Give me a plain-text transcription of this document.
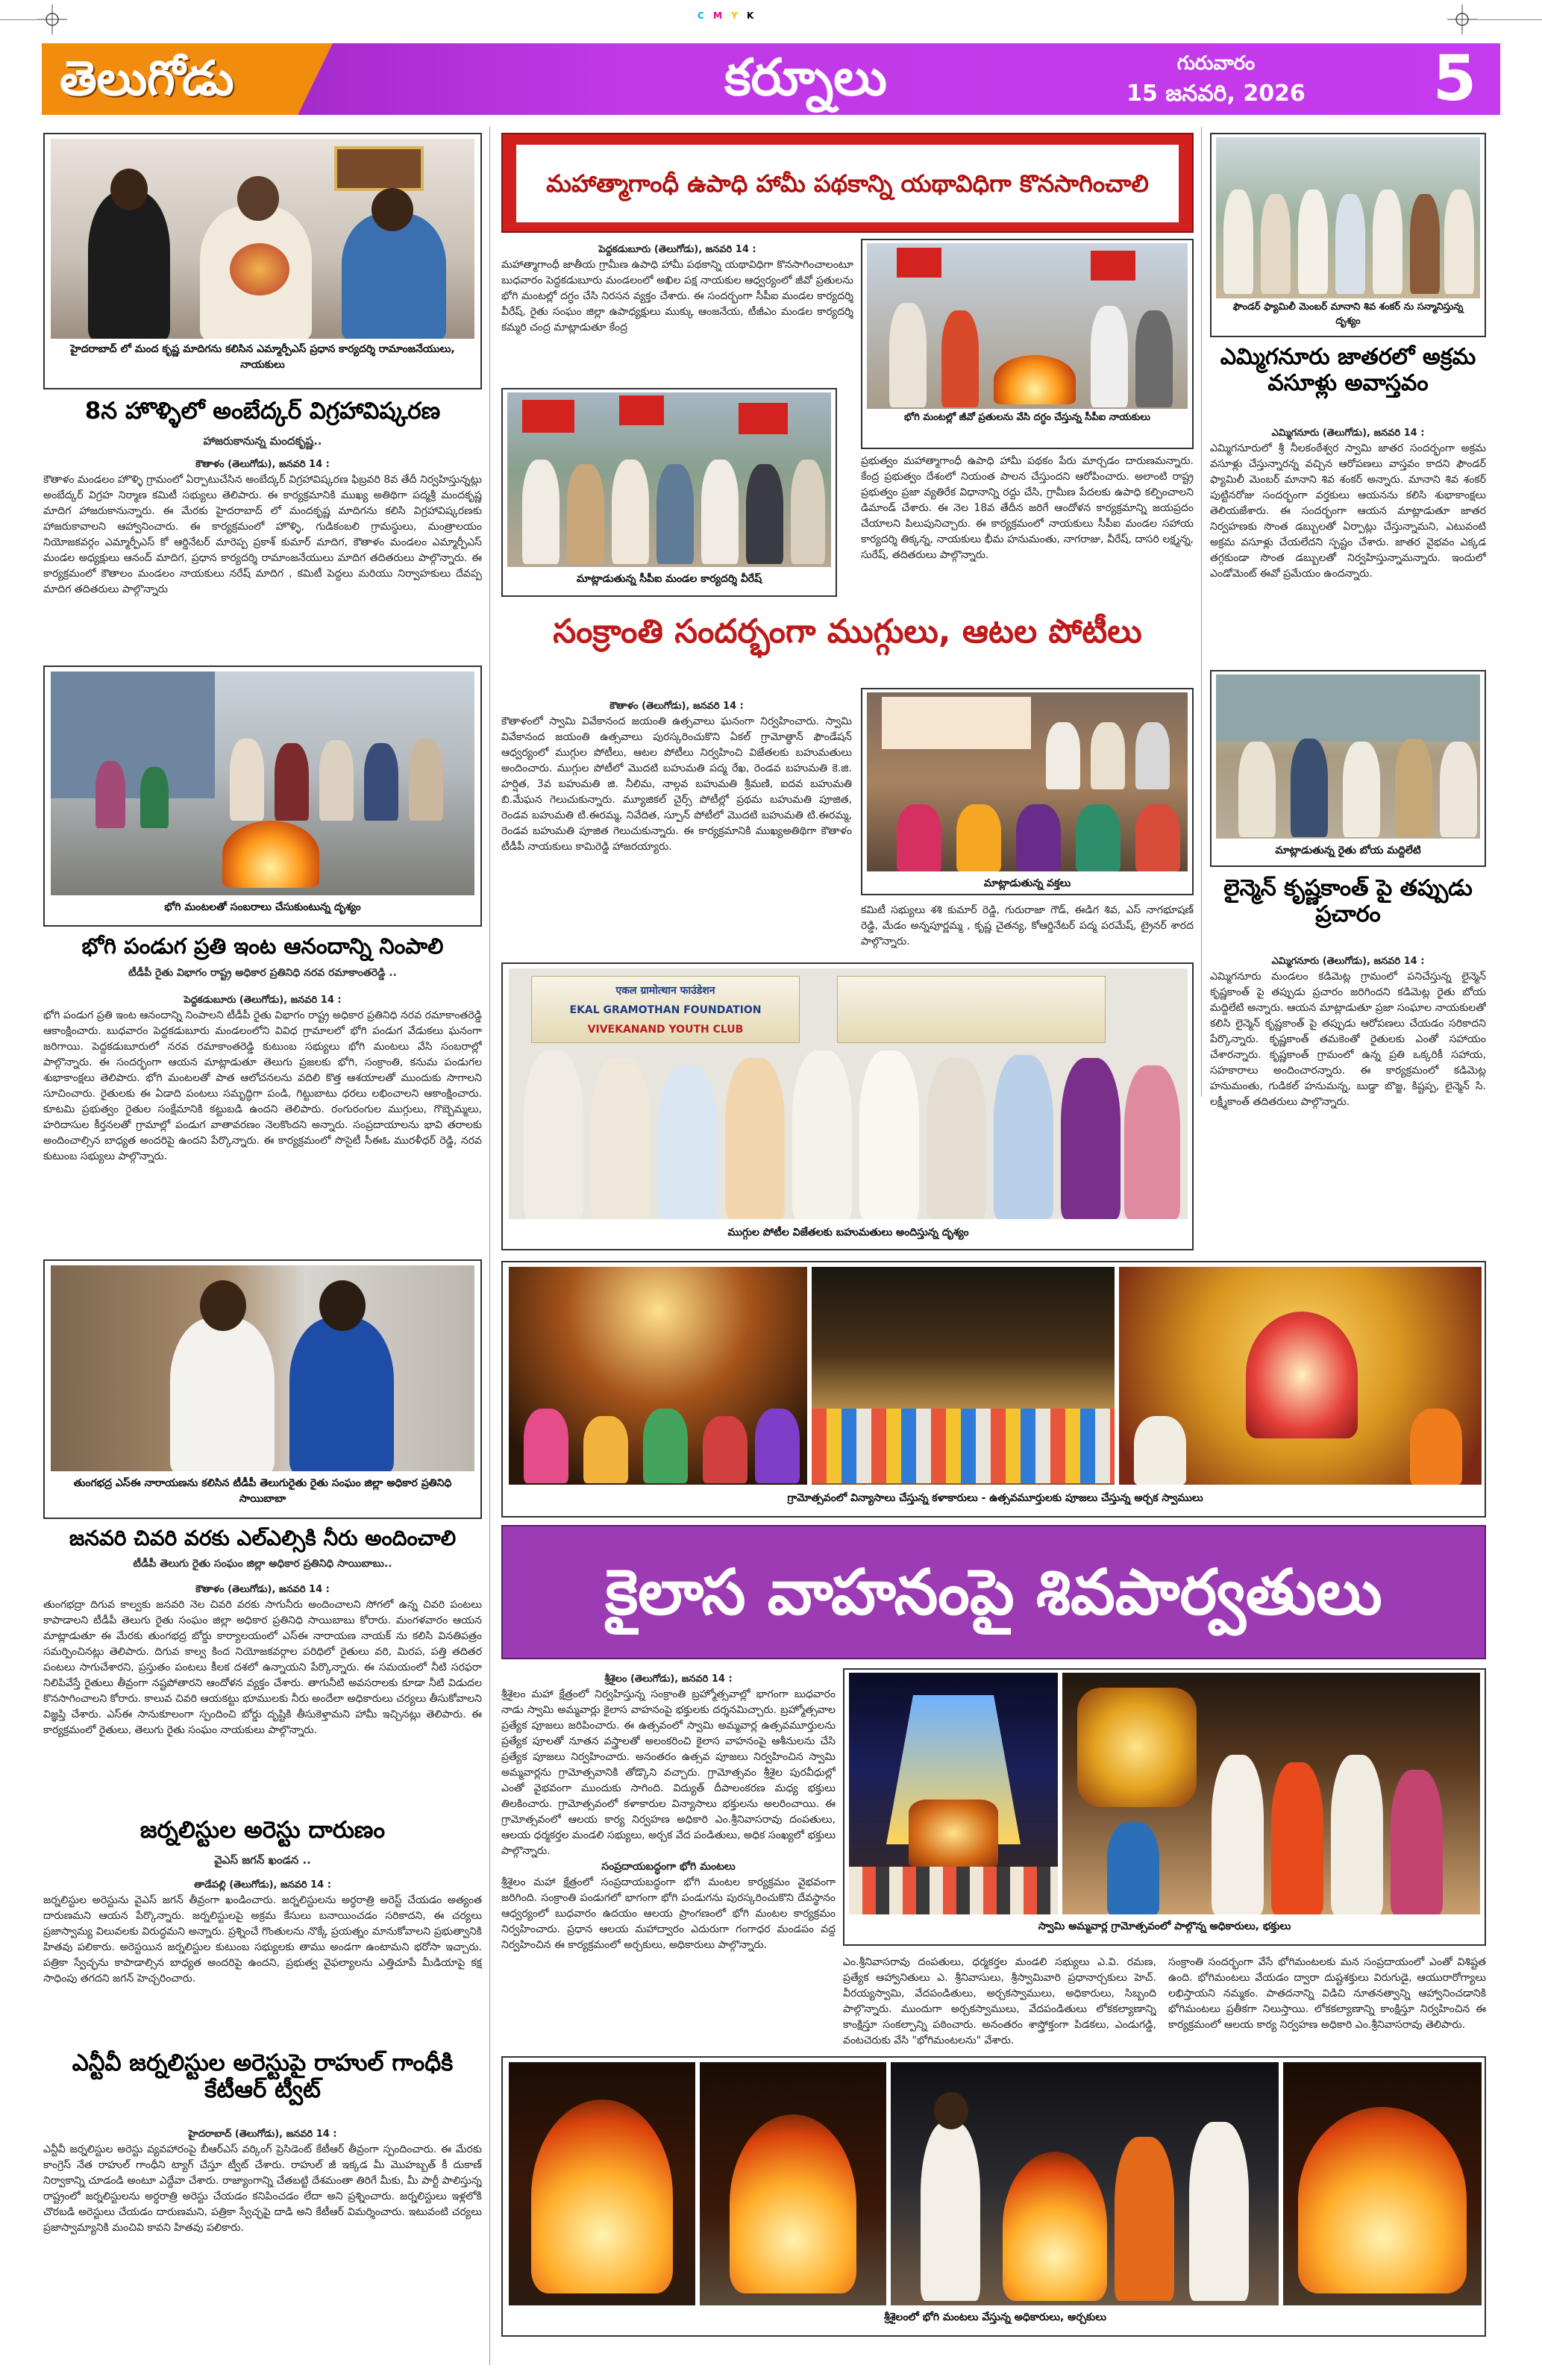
C M Y K
తెలుగోడు	కర్నూలు	గురువారం
15 జనవరి, 2026	5
హైదరాబాద్ లో మంద కృష్ణ మాదిగను కలిసిన ఎమ్మార్పీఎస్ ప్రధాన కార్యదర్శి రామాంజనేయులు, నాయకులు
8న హొళ్ళిలో అంబేద్కర్ విగ్రహావిష్కరణ
హాజరుకానున్న మందకృష్ణ..
కౌతాళం (తెలుగోడు), జనవరి 14 :
కౌతాళం మండలం హొళ్ళి గ్రామంలో ఏర్పాటుచేసిన అంబేద్కర్ విగ్రహావిష్కరణ ఫిబ్రవరి 8వ తేదీ నిర్వహిస్తున్నట్లు అంబేద్కర్ విగ్రహ నిర్మాణ కమిటీ సభ్యులు తెలిపారు. ఈ కార్యక్రమానికి ముఖ్య అతిథిగా పద్మశ్రీ మందకృష్ణ మాదిగ హాజరుకానున్నారు. ఈ మేరకు హైదరాబాద్ లో మందకృష్ణ మాదిగను కలిసి విగ్రహావిష్కరణకు హాజరుకావాలని ఆహ్వానించారు. ఈ కార్యక్రమంలో హొళ్ళి, గుడికంబలి గ్రామస్థులు, మంత్రాలయం నియోజకవర్గం ఎమ్మార్పీఎస్ కో ఆర్డినేటర్ మారెప్ప ప్రకాశ్ కుమార్ మాదిగ, కౌతాళం మండలం ఎమ్మార్పీఎస్ మండల అధ్యక్షులు ఆనంద్ మాదిగ, ప్రధాన కార్యదర్శి రామాంజనేయులు మాదిగ తదితరులు పాల్గొన్నారు. ఈ కార్యక్రమంలో కౌతాలం మండలం నాయకులు నరేష్ మాదిగ , కమిటీ పెద్దలు మరియు నిర్వాహకులు దేవప్ప మాదిగ తదితరులు పాల్గొన్నారు
భోగి మంటలతో సంబరాలు చేసుకుంటున్న దృశ్యం
భోగి పండుగ ప్రతి ఇంట ఆనందాన్ని నింపాలి
టీడీపీ రైతు విభాగం రాష్ట్ర అధికార ప్రతినిధి నరవ రమాకాంతరెడ్డి ..
పెద్దకడుబూరు (తెలుగోడు), జనవరి 14 :
భోగి పండుగ ప్రతి ఇంట ఆనందాన్ని నింపాలని టీడీపీ రైతు విభాగం రాష్ట్ర అధికార ప్రతినిధి నరవ రమాకాంతరెడ్డి ఆకాంక్షించారు. బుధవారం పెద్దకడుబూరు మండలంలోని వివిధ గ్రామాలలో భోగి పండుగ వేడుకలు ఘనంగా జరిగాయి. పెద్దకడుబూరులో నరవ రమాకాంతరెడ్డి కుటుంబ సభ్యులు భోగి మంటలు వేసి సంబరాల్లో పాల్గొన్నారు. ఈ సందర్భంగా ఆయన మాట్లాడుతూ తెలుగు ప్రజలకు భోగి, సంక్రాంతి, కనుమ పండుగల శుభాకాంక్షలు తెలిపారు. భోగి మంటలతో పాత ఆలోచనలను వదిలి కొత్త ఆశయాలతో ముందుకు సాగాలని సూచించారు. రైతులకు ఈ ఏడాది పంటలు సమృద్ధిగా పండి, గిట్టుబాటు ధరలు లభించాలని ఆకాంక్షించారు. కూటమి ప్రభుత్వం రైతుల సంక్షేమానికి కట్టుబడి ఉందని తెలిపారు. రంగురంగుల ముగ్గులు, గొబ్బెమ్మలు, హరిదాసుల కీర్తనలతో గ్రామాల్లో పండుగ వాతావరణం నెలకొందని అన్నారు. సంప్రదాయాలను భావి తరాలకు అందించాల్సిన బాధ్యత అందరిపై ఉందని పేర్కొన్నారు. ఈ కార్యక్రమంలో సొసైటీ సీఈఓ మురళీధర్ రెడ్డి, నరవ కుటుంబ సభ్యులు పాల్గొన్నారు.
తుంగభద్ర ఎస్ఈ నారాయణను కలిసిన టీడీపీ తెలుగురైతు రైతు సంఘం జిల్లా అధికార ప్రతినిధి సాయిబాబా
జనవరి చివరి వరకు ఎల్ఎల్సికి నీరు అందించాలి
టీడీపీ తెలుగు రైతు సంఘం జిల్లా అధికార ప్రతినిధి సాయిబాబు..
కౌతాళం (తెలుగోడు), జనవరి 14 :
తుంగభద్రా దిగువ కాల్వకు జనవరి నెల చివరి వరకు సాగునీరు అందించాలని సోగలో ఉన్న చివరి పంటలు కాపాడాలని టీడీపీ తెలుగు రైతు సంఘం జిల్లా అధికార ప్రతినిధి సాయిబాబు కోరారు. మంగళవారం ఆయన మాట్లాడుతూ ఈ మేరకు తుంగభద్ర బోర్డు కార్యాలయంలో ఎస్ఈ నారాయణ నాయక్ ను కలిసి వినతిపత్రం సమర్పించినట్లు తెలిపారు. దిగువ కాల్వ కింద నియోజకవర్గాల పరిధిలో రైతులు వరి, మిరప, పత్తి తదితర పంటలు సాగుచేశారని, ప్రస్తుతం పంటలు కీలక దశలో ఉన్నాయని పేర్కొన్నారు. ఈ సమయంలో నీటి సరఫరా నిలిపివేస్తే రైతులు తీవ్రంగా నష్టపోతారని ఆందోళన వ్యక్తం చేశారు. తాగునీటి అవసరాలకు కూడా నీటి విడుదల కొనసాగించాలని కోరారు. కాలువ చివరి ఆయకట్టు భూములకు నీరు అందేలా అధికారులు చర్యలు తీసుకోవాలని విజ్ఞప్తి చేశారు. ఎస్ఈ సానుకూలంగా స్పందించి బోర్డు దృష్టికి తీసుకెళ్తామని హామీ ఇచ్చినట్లు తెలిపారు. ఈ కార్యక్రమంలో రైతులు, తెలుగు రైతు సంఘం నాయకులు పాల్గొన్నారు.
జర్నలిస్టుల అరెస్టు దారుణం
వైఎస్ జగన్ ఖండన ..
తాడేపల్లి (తెలుగోడు), జనవరి 14 :
జర్నలిస్టుల అరెస్టును వైఎస్ జగన్ తీవ్రంగా ఖండించారు. జర్నలిస్టులను అర్ధరాత్రి అరెస్ట్ చేయడం అత్యంత దారుణమని ఆయన పేర్కొన్నారు. జర్నలిస్టులపై అక్రమ కేసులు బనాయించడం సరికాదని, ఈ చర్యలు ప్రజాస్వామ్య విలువలకు విరుద్ధమని అన్నారు. ప్రశ్నించే గొంతులను నొక్కే ప్రయత్నం మానుకోవాలని ప్రభుత్వానికి హితవు పలికారు. అరెస్టయిన జర్నలిస్టుల కుటుంబ సభ్యులకు తాము అండగా ఉంటామని భరోసా ఇచ్చారు. పత్రికా స్వేచ్ఛను కాపాడాల్సిన బాధ్యత అందరిపై ఉందని, ప్రభుత్వ వైఫల్యాలను ఎత్తిచూపే మీడియాపై కక్ష సాధింపు తగదని జగన్ హెచ్చరించారు.
ఎన్టీవీ జర్నలిస్టుల అరెస్టుపై రాహుల్ గాంధీకి కేటీఆర్ ట్వీట్
హైదరాబాద్ (తెలుగోడు), జనవరి 14 :
ఎన్టీవీ జర్నలిస్టుల అరెస్టు వ్యవహారంపై బీఆర్ఎస్ వర్కింగ్ ప్రెసిడెంట్ కేటీఆర్ తీవ్రంగా స్పందించారు. ఈ మేరకు కాంగ్రెస్ నేత రాహుల్ గాంధీని ట్యాగ్ చేస్తూ ట్వీట్ చేశారు. రాహుల్ జీ ఇక్కడ మీ మొహబ్బత్ కీ దుకాణ్ నిర్వాకాన్ని చూడండి అంటూ ఎద్దేవా చేశారు. రాజ్యాంగాన్ని చేతబట్టి దేశమంతా తిరిగే మీకు, మీ పార్టీ పాలిస్తున్న రాష్ట్రంలో జర్నలిస్టులను అర్ధరాత్రి అరెస్టు చేయడం కనిపించడం లేదా అని ప్రశ్నించారు. జర్నలిస్టులు ఇళ్లలోకి చొరబడి అరెస్టులు చేయడం దారుణమని, పత్రికా స్వేచ్ఛపై దాడి అని కేటీఆర్ విమర్శించారు. ఇటువంటి చర్యలు ప్రజాస్వామ్యానికి మంచివి కావని హితవు పలికారు.
మహాత్మాగాంధీ ఉపాధి హామీ పథకాన్ని యథావిధిగా కొనసాగించాలి
పెద్దకడుబూరు (తెలుగోడు), జనవరి 14 :
మహాత్మాగాంధీ జాతీయ గ్రామీణ ఉపాధి హామీ పథకాన్ని యథావిధిగా కొనసాగించాలంటూ బుధవారం పెద్దకడుబూరు మండలంలో అఖిల పక్ష నాయకుల ఆధ్వర్యంలో జీవో ప్రతులను భోగి మంటల్లో దగ్ధం చేసి నిరసన వ్యక్తం చేశారు. ఈ సందర్భంగా సీపీఐ మండల కార్యదర్శి వీరేష్, రైతు సంఘం జిల్లా ఉపాధ్యక్షులు ముక్కు ఆంజనేయ, టీజీఎం మండల కార్యదర్శి కమ్మరి చంద్ర మాట్లాడుతూ కేంద్ర
మాట్లాడుతున్న సీపీఐ మండల కార్యదర్శి వీరేష్
భోగి మంటల్లో జీవో ప్రతులను వేసి దగ్ధం చేస్తున్న సీపీఐ నాయకులు
ప్రభుత్వం మహాత్మాగాంధీ ఉపాధి హామీ పథకం పేరు మార్చడం దారుణమన్నారు. కేంద్ర ప్రభుత్వం దేశంలో నియంత పాలన చేస్తుందని ఆరోపించారు. అలాంటి రాష్ట్ర ప్రభుత్వం ప్రజా వ్యతిరేక విధానాన్ని రద్దు చేసి, గ్రామీణ పేదలకు ఉపాధి కల్పించాలని డిమాండ్ చేశారు. ఈ నెల 18వ తేదీన జరిగే ఆందోళన కార్యక్రమాన్ని జయప్రదం చేయాలని పిలుపునిచ్చారు. ఈ కార్యక్రమంలో నాయకులు సీపీఐ మండల సహాయ కార్యదర్శి తిక్కన్న, నాయకులు భీమ హనుమంతు, నాగరాజు, వీరేష్, దాసరి లక్ష్మన్న, సురేష్, తదితరులు పాల్గొన్నారు.
సంక్రాంతి సందర్భంగా ముగ్గులు, ఆటల పోటీలు
కౌతాళం (తెలుగోడు), జనవరి 14 :
కౌతాళంలో స్వామి వివేకానంద జయంతి ఉత్సవాలు ఘనంగా నిర్వహించారు. స్వామి వివేకానంద జయంతి ఉత్సవాలు పురస్కరించుకొని ఏకల్ గ్రామోత్థాన్ ఫౌండేషన్ ఆధ్వర్యంలో ముగ్గుల పోటీలు, ఆటల పోటీలు నిర్వహించి విజేతలకు బహుమతులు అందించారు. ముగ్గుల పోటీలో మొదటి బహుమతి పద్మ రేఖ, రెండవ బహుమతి కె.జి. హర్షిత, 3వ బహుమతి జి. నీలిమ, నాల్గవ బహుమతి శ్రీమణి, ఐదవ బహుమతి బి.మేఘన గెలుచుకున్నారు. మ్యూజికల్ చైర్స్ పోటీల్లో ప్రథమ బహుమతి పూజిత, రెండవ బహుమతి టి.ఈరమ్మ, నివేదిత, స్పూన్ పోటీలో మొదటి బహుమతి టి.ఈరమ్మ, రెండవ బహుమతి పూజిత గెలుచుకున్నారు. ఈ కార్యక్రమానికి ముఖ్యఅతిథిగా కౌతాళం టీడీపీ నాయకులు కామిరెడ్డి హాజరయ్యారు.
మాట్లాడుతున్న వక్తలు
కమిటీ సభ్యులు శశి కుమార్ రెడ్డి, గురురాజా గౌడ్, ఈడిగ శివ, ఎస్ నాగభూషణ్ రెడ్డి, మేడం అన్నపూర్ణమ్మ , కృష్ణ చైతన్య, కోఆర్డినేటర్ పద్మ పరమేష్, ట్రైనర్ శారద పాల్గొన్నారు.
एकल ग्रामोत्थान फाउंडेशन
EKAL GRAMOTHAN FOUNDATION
VIVEKANAND YOUTH CLUB
ముగ్గుల పోటీల విజేతలకు బహుమతులు అందిస్తున్న దృశ్యం
గ్రామోత్సవంలో విన్యాసాలు చేస్తున్న కళాకారులు - ఉత్సవమూర్తులకు పూజలు చేస్తున్న అర్చక స్వాములు
కైలాస వాహనంపై శివపార్వతులు
శ్రీశైలం (తెలుగోడు), జనవరి 14 :
శ్రీశైలం మహా క్షేత్రంలో నిర్వహిస్తున్న సంక్రాంతి బ్రహ్మోత్సవాల్లో భాగంగా బుధవారం నాడు స్వామి అమ్మవార్లు కైలాస వాహనంపై భక్తులకు దర్శనమిచ్చారు. బ్రహ్మోత్సవాల ప్రత్యేక పూజలు జరిపించారు. ఈ ఉత్సవంలో స్వామి అమ్మవార్ల ఉత్సవమూర్తులను ప్రత్యేక పూలతో నూతన వస్త్రాలతో అలంకరించి కైలాస వాహనంపై ఆశీనులను చేసి ప్రత్యేక పూజలు నిర్వహించారు. అనంతరం ఉత్సవ పూజలు నిర్వహించిన స్వామి అమ్మవార్లను గ్రామోత్సవానికి తోడ్కొని వచ్చారు. గ్రామోత్సవం శ్రీశైల పురవీధుల్లో ఎంతో వైభవంగా ముందుకు సాగింది. విద్యుత్ దీపాలంకరణ మధ్య భక్తులు తిలకించారు. గ్రామోత్సవంలో కళాకారుల విన్యాసాలు భక్తులను అలరించాయి. ఈ గ్రామోత్సవంలో ఆలయ కార్య నిర్వహణ అధికారి ఎం.శ్రీనివాసరావు దంపతులు, ఆలయ ధర్మకర్తల మండలి సభ్యులు, అర్చక వేద పండితులు, అధిక సంఖ్యలో భక్తులు పాల్గొన్నారు.
సంప్రదాయబద్ధంగా భోగి మంటలు
శ్రీశైలం మహా క్షేత్రంలో సంప్రదాయబద్ధంగా భోగి మంటల కార్యక్రమం వైభవంగా జరిగింది. సంక్రాంతి పండుగలో భాగంగా భోగి పండుగను పురస్కరించుకొని దేవస్థానం ఆధ్వర్యంలో బుధవారం ఉదయం ఆలయ ప్రాంగణంలో భోగి మంటల కార్యక్రమం నిర్వహించారు. ప్రధాన ఆలయ మహాద్వారం ఎదురుగా గంగాధర మండపం వద్ద నిర్వహించిన ఈ కార్యక్రమంలో అర్చకులు, అధికారులు పాల్గొన్నారు.
స్వామి అమ్మవార్ల గ్రామోత్సవంలో పాల్గొన్న అధికారులు, భక్తులు
ఎం.శ్రీనివాసరావు దంపతులు, ధర్మకర్తల మండలి సభ్యులు ఎ.వి. రమణ, ప్రత్యేక ఆహ్వానితులు ఎ. శ్రీనివాసులు, శ్రీస్వామివారి ప్రధానార్చకులు హెచ్. వీరయ్యస్వామి, వేదపండితులు, అర్చకస్వాములు, అధికారులు, సిబ్బంది పాల్గొన్నారు. ముందుగా అర్చకస్వాములు, వేదపండితులు లోకకల్యాణాన్ని కాంక్షిస్తూ సంకల్పాన్ని పఠించారు. అనంతరం శాస్త్రోక్తంగా పిడకలు, ఎండుగడ్డి, వంటచెరుకు వేసి "భోగిమంటలను" వేశారు.
సంక్రాంతి సందర్భంగా వేసే భోగిమంటలకు మన సంప్రదాయంలో ఎంతో విశిష్టత ఉంది. భోగిమంటలు వేయడం ద్వారా దుష్టశక్తులు విరుగుడై, ఆయురారోగ్యాలు లభిస్తాయని నమ్మకం. పాతదనాన్ని విడిచి నూతనత్వాన్ని ఆహ్వానించడానికి భోగిమంటలు ప్రతీకగా నిలుస్తాయి. లోకకల్యాణాన్ని కాంక్షిస్తూ నిర్వహించిన ఈ కార్యక్రమంలో ఆలయ కార్య నిర్వహణ అధికారి ఎం.శ్రీనివాసరావు తెలిపారు.
శ్రీశైలంలో భోగి మంటలు వేస్తున్న అధికారులు, అర్చకులు
ఫౌండర్ ఫ్యామిలీ మెంబర్ మానాని శివ శంకర్ ను సన్మానిస్తున్న దృశ్యం
ఎమ్మిగనూరు జాతరలో అక్రమ వసూళ్లు అవాస్తవం
ఎమ్మిగనూరు (తెలుగోడు), జనవరి 14 :
ఎమ్మిగనూరులో శ్రీ నీలకంఠేశ్వర స్వామి జాతర సందర్భంగా అక్రమ వసూళ్లు చేస్తున్నారన్న వచ్చిన ఆరోపణలు వాస్తవం కాదని ఫౌండర్ ఫ్యామిలీ మెంబర్ మానాని శివ శంకర్ అన్నారు. మానాని శివ శంకర్ పుట్టినరోజు సందర్భంగా వర్తకులు ఆయనను కలిసి శుభాకాంక్షలు తెలియజేశారు. ఈ సందర్భంగా ఆయన మాట్లాడుతూ జాతర నిర్వహణకు సొంత డబ్బులతో ఏర్పాట్లు చేస్తున్నామని, ఎటువంటి అక్రమ వసూళ్లు చేయలేదని స్పష్టం చేశారు. జాతర వైభవం ఎక్కడ తగ్గకుండా సొంత డబ్బులతో నిర్వహిస్తున్నామన్నారు. ఇందులో ఎండోమెంట్ ఈవో ప్రమేయం ఉందన్నారు.
మాట్లాడుతున్న రైతు బోయ మద్దిలేటి
లైన్మెన్ కృష్ణకాంత్ పై తప్పుడు ప్రచారం
ఎమ్మిగనూరు (తెలుగోడు), జనవరి 14 :
ఎమ్మిగనూరు మండలం కడిమెట్ల గ్రామంలో పనిచేస్తున్న లైన్మెన్ కృష్ణకాంత్ పై తప్పుడు ప్రచారం జరిగిందని కడిమెట్ల రైతు బోయ మద్దిలేటి అన్నారు. ఆయన మాట్లాడుతూ ప్రజా సంఘాల నాయకులతో కలిసి లైన్మెన్ కృష్ణకాంత్ పై తప్పుడు ఆరోపణలు చేయడం సరికాదని పేర్కొన్నారు. కృష్ణకాంత్ తమకెంతో రైతులకు ఎంతో సహాయం చేశారన్నారు. కృష్ణకాంత్ గ్రామంలో ఉన్న ప్రతి ఒక్కరికీ సహాయ, సహకారాలు అందించారన్నారు. ఈ కార్యక్రమంలో కడిమెట్ల హనుమంతు, గుడికల్ హనుమన్న, బుడ్డా బొజ్జ, కిష్టప్ప, లైన్మెన్ సి. లక్ష్మీకాంత్ తదితరులు పాల్గొన్నారు.
